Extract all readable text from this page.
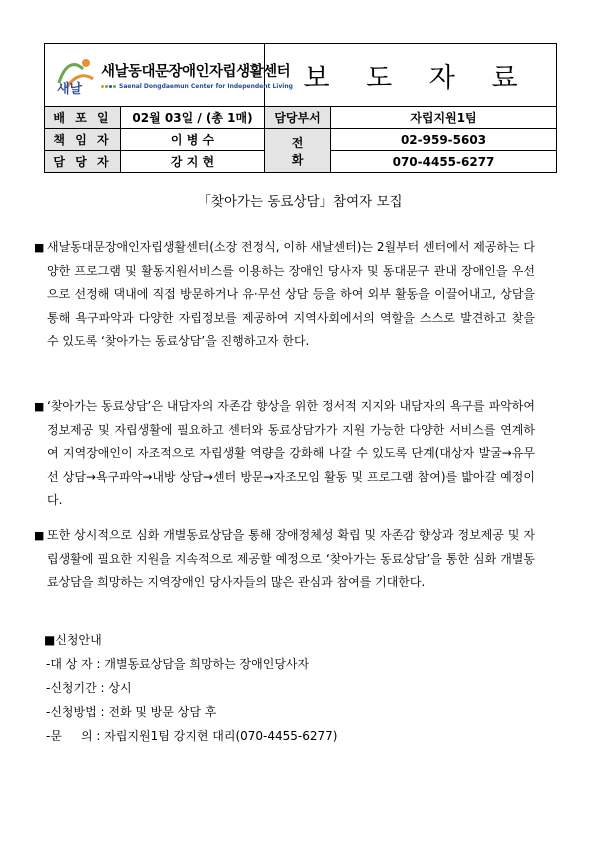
새날
새날동대문장애인자립생활센터
Saenal Dongdaemun Center for Independent Living		보 도 자 료	
배 포 일	02월 03일 / (총 1매)	담당부서	자립지원1팀
책 임 자	이 병 수	전 화	02-959-5603
담 당 자	강 지 현		070-4455-6277
「찾아가는 동료상담」참여자 모집
■ 새날동대문장애인자립생활센터(소장 전정식, 이하 새날센터)는 2월부터 센터에서 제공하는 다양한 프로그램 및 활동지원서비스를 이용하는 장애인 당사자 및 동대문구 관내 장애인을 우선으로 선정해 댁내에 직접 방문하거나 유·무선 상담 등을 하여 외부 활동을 이끌어내고, 상담을 통해 욕구파악과 다양한 자립정보를 제공하여 지역사회에서의 역할을 스스로 발견하고 찾을 수 있도록 ‘찾아가는 동료상담’을 진행하고자 한다.
■ ‘찾아가는 동료상담’은 내담자의 자존감 향상을 위한 정서적 지지와 내담자의 욕구를 파악하여 정보제공 및 자립생활에 필요하고 센터와 동료상담가가 지원 가능한 다양한 서비스를 연계하여 지역장애인이 자조적으로 자립생활 역량을 강화해 나갈 수 있도록 단계(대상자 발굴→유무선 상담→욕구파악→내방 상담→센터 방문→자조모임 활동 및 프로그램 참여)를 밟아갈 예정이다.
■ 또한 상시적으로 심화 개별동료상담을 통해 장애정체성 확립 및 자존감 향상과 정보제공 및 자립생활에 필요한 지원을 지속적으로 제공할 예정으로 ‘찾아가는 동료상담’을 통한 심화 개별동료상담을 희망하는 지역장애인 당사자들의 많은 관심과 참여를 기대한다.
■신청안내
-대 상 자 : 개별동료상담을 희망하는 장애인당사자
-신청기간 : 상시
-신청방법 : 전화 및 방문 상담 후
-문     의 : 자립지원1팀 강지현 대리(070-4455-6277)
